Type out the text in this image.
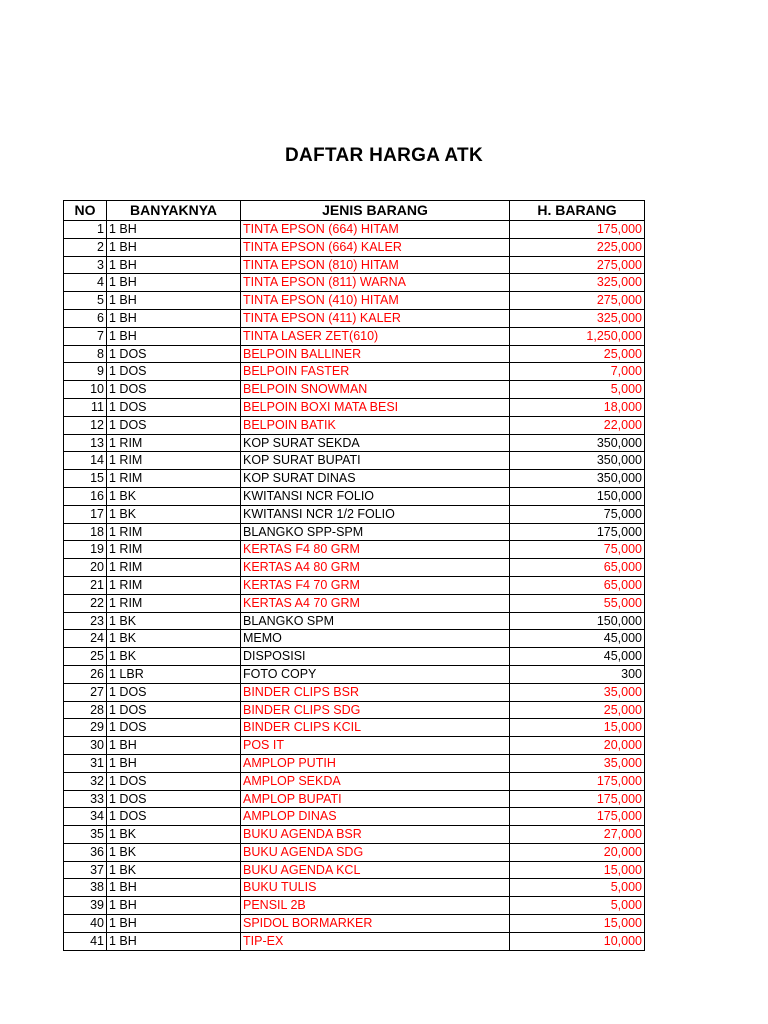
DAFTAR HARGA ATK
NO	BANYAKNYA	JENIS BARANG	H. BARANG
1	1 BH	TINTA EPSON (664) HITAM	175,000
2	1 BH	TINTA EPSON (664) KALER	225,000
3	1 BH	TINTA EPSON (810) HITAM	275,000
4	1 BH	TINTA EPSON (811) WARNA	325,000
5	1 BH	TINTA EPSON (410) HITAM	275,000
6	1 BH	TINTA EPSON (411) KALER	325,000
7	1 BH	TINTA LASER ZET(610)	1,250,000
8	1 DOS	BELPOIN BALLINER	25,000
9	1 DOS	BELPOIN FASTER	7,000
10	1 DOS	BELPOIN SNOWMAN	5,000
11	1 DOS	BELPOIN BOXI MATA BESI	18,000
12	1 DOS	BELPOIN BATIK	22,000
13	1 RIM	KOP SURAT SEKDA	350,000
14	1 RIM	KOP SURAT BUPATI	350,000
15	1 RIM	KOP SURAT DINAS	350,000
16	1 BK	KWITANSI NCR FOLIO	150,000
17	1 BK	KWITANSI NCR 1/2 FOLIO	75,000
18	1 RIM	BLANGKO SPP-SPM	175,000
19	1 RIM	KERTAS F4 80 GRM	75,000
20	1 RIM	KERTAS A4 80 GRM	65,000
21	1 RIM	KERTAS F4 70 GRM	65,000
22	1 RIM	KERTAS A4 70 GRM	55,000
23	1 BK	BLANGKO SPM	150,000
24	1 BK	MEMO	45,000
25	1 BK	DISPOSISI	45,000
26	1 LBR	FOTO COPY	300
27	1 DOS	BINDER CLIPS BSR	35,000
28	1 DOS	BINDER CLIPS SDG	25,000
29	1 DOS	BINDER CLIPS KCIL	15,000
30	1 BH	POS IT	20,000
31	1 BH	AMPLOP PUTIH	35,000
32	1 DOS	AMPLOP SEKDA	175,000
33	1 DOS	AMPLOP BUPATI	175,000
34	1 DOS	AMPLOP DINAS	175,000
35	1 BK	BUKU AGENDA BSR	27,000
36	1 BK	BUKU AGENDA SDG	20,000
37	1 BK	BUKU AGENDA KCL	15,000
38	1 BH	BUKU TULIS	5,000
39	1 BH	PENSIL 2B	5,000
40	1 BH	SPIDOL BORMARKER	15,000
41	1 BH	TIP-EX	10,000
